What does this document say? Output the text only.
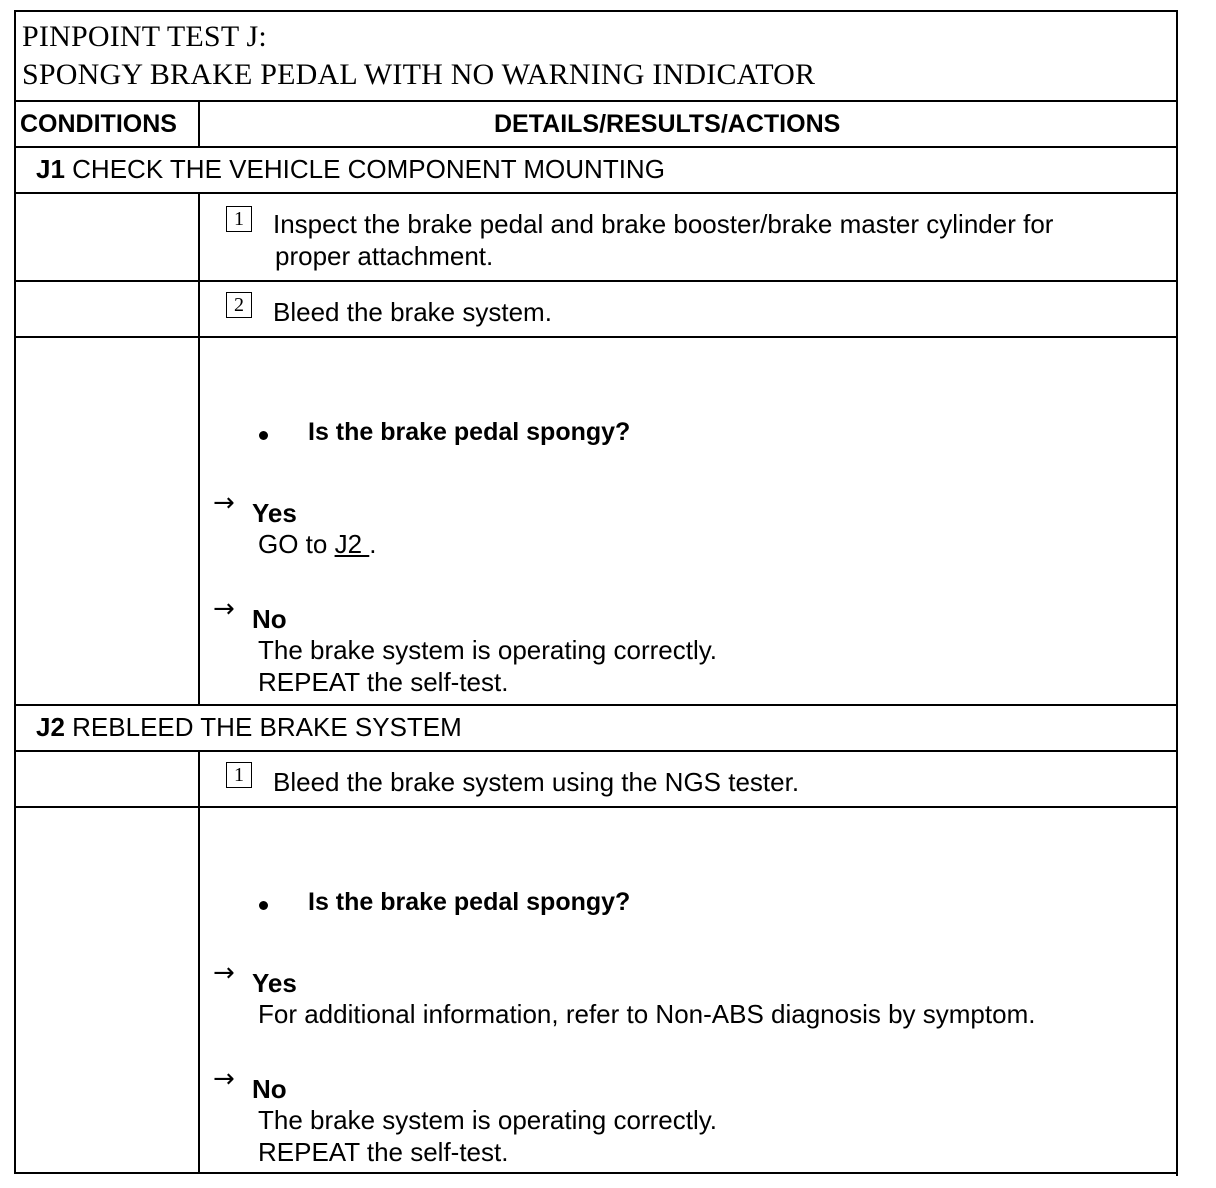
PINPOINT TEST J:
SPONGY BRAKE PEDAL WITH NO WARNING INDICATOR
CONDITIONS	DETAILS/RESULTS/ACTIONS
J1 CHECK THE VEHICLE COMPONENT MOUNTING
1	Inspect the brake pedal and brake booster/brake master cylinder for
proper attachment.
2	Bleed the brake system.
Is the brake pedal spongy?
→ Yes
GO to J2 .
→ No
The brake system is operating correctly.
REPEAT the self-test.
J2 REBLEED THE BRAKE SYSTEM
1	Bleed the brake system using the NGS tester.
Is the brake pedal spongy?
→ Yes
For additional information, refer to Non-ABS diagnosis by symptom.
→ No
The brake system is operating correctly.
REPEAT the self-test.
